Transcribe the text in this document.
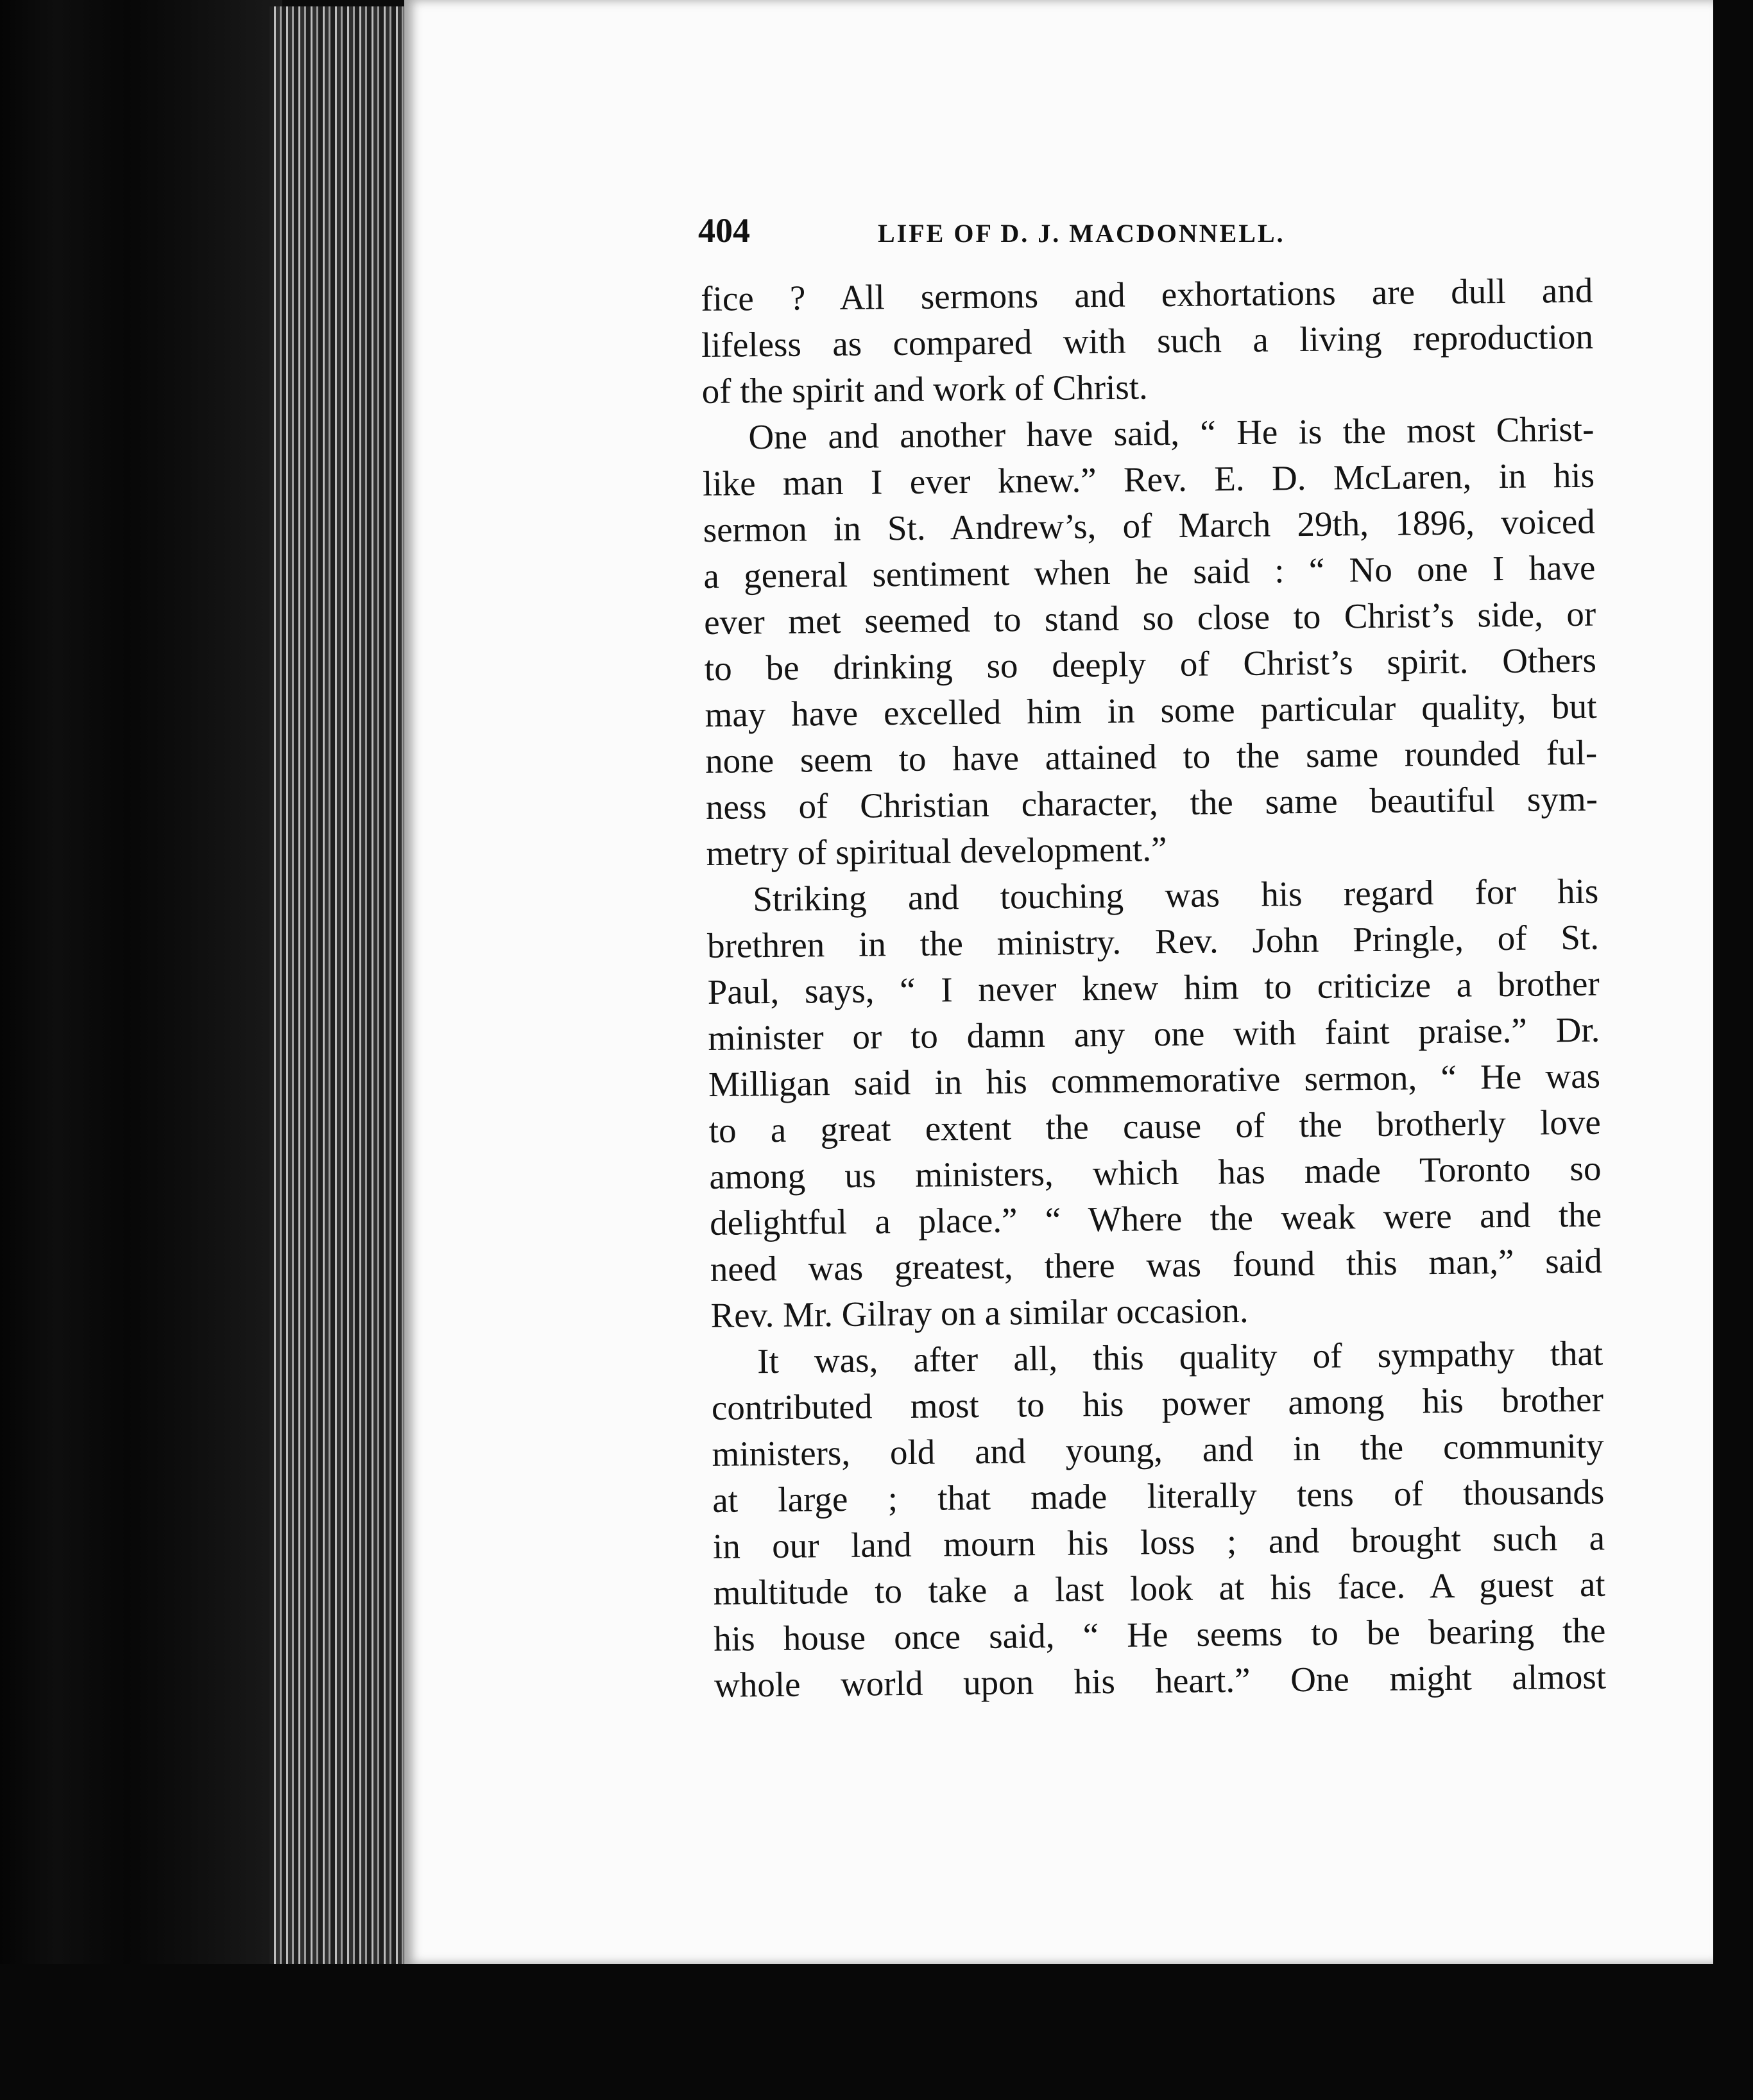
404	LIFE OF D. J. MACDONNELL.
fice ? All sermons and exhortations are dull and
lifeless as compared with such a living reproduction
of the spirit and work of Christ.
One and another have said, “ He is the most Christ-
like man I ever knew.” Rev. E. D. McLaren, in his
sermon in St. Andrew’s, of March 29th, 1896, voiced
a general sentiment when he said : “ No one I have
ever met seemed to stand so close to Christ’s side, or
to be drinking so deeply of Christ’s spirit. Others
may have excelled him in some particular quality, but
none seem to have attained to the same rounded ful-
ness of Christian character, the same beautiful sym-
metry of spiritual development.”
Striking and touching was his regard for his
brethren in the ministry. Rev. John Pringle, of St.
Paul, says, “ I never knew him to criticize a brother
minister or to damn any one with faint praise.” Dr.
Milligan said in his commemorative sermon, “ He was
to a great extent the cause of the brotherly love
among us ministers, which has made Toronto so
delightful a place.” “ Where the weak were and the
need was greatest, there was found this man,” said
Rev. Mr. Gilray on a similar occasion.
It was, after all, this quality of sympathy that
contributed most to his power among his brother
ministers, old and young, and in the community
at large ; that made literally tens of thousands
in our land mourn his loss ; and brought such a
multitude to take a last look at his face. A guest at
his house once said, “ He seems to be bearing the
whole world upon his heart.” One might almost
